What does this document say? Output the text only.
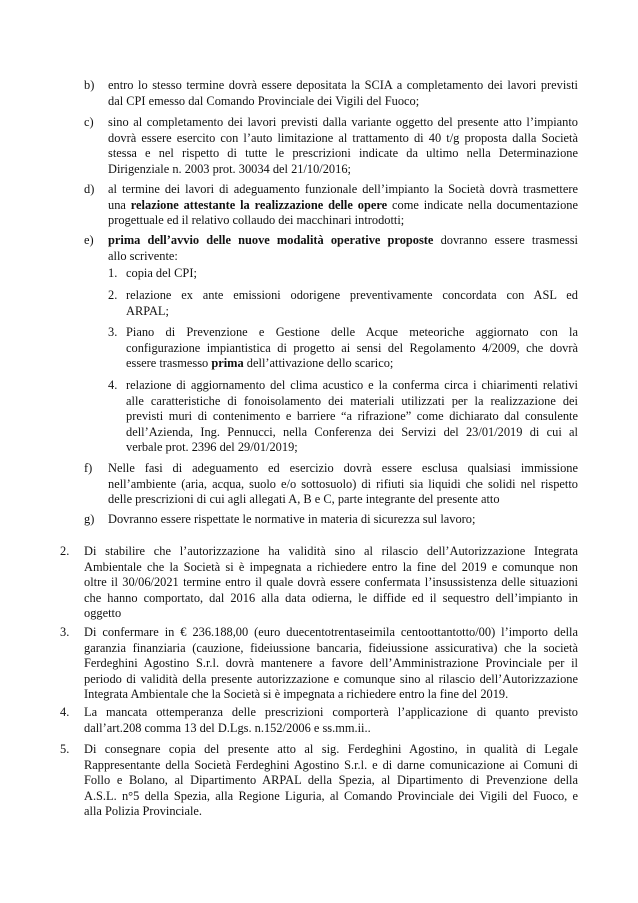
b) entro lo stesso termine dovrà essere depositata la SCIA a completamento dei lavori previsti
dal CPI emesso dal Comando Provinciale dei Vigili del Fuoco;
c) sino al completamento dei lavori previsti dalla variante oggetto del presente atto l’impianto
dovrà essere esercito con l’auto limitazione al trattamento di 40 t/g proposta dalla Società
stessa e nel rispetto di tutte le prescrizioni indicate da ultimo nella Determinazione
Dirigenziale n. 2003 prot. 30034 del 21/10/2016;
d) al termine dei lavori di adeguamento funzionale dell’impianto la Società dovrà trasmettere
una relazione attestante la realizzazione delle opere come indicate nella documentazione
progettuale ed il relativo collaudo dei macchinari introdotti;
e) prima dell’avvio delle nuove modalità operative proposte dovranno essere trasmessi
allo scrivente:
1. copia del CPI;
2. relazione ex ante emissioni odorigene preventivamente concordata con ASL ed
ARPAL;
3. Piano di Prevenzione e Gestione delle Acque meteoriche aggiornato con la
configurazione impiantistica di progetto ai sensi del Regolamento 4/2009, che dovrà
essere trasmesso prima dell’attivazione dello scarico;
4. relazione di aggiornamento del clima acustico e la conferma circa i chiarimenti relativi
alle caratteristiche di fonoisolamento dei materiali utilizzati per la realizzazione dei
previsti muri di contenimento e barriere “a rifrazione” come dichiarato dal consulente
dell’Azienda, Ing. Pennucci, nella Conferenza dei Servizi del 23/01/2019 di cui al
verbale prot. 2396 del 29/01/2019;
f) Nelle fasi di adeguamento ed esercizio dovrà essere esclusa qualsiasi immissione
nell’ambiente (aria, acqua, suolo e/o sottosuolo) di rifiuti sia liquidi che solidi nel rispetto
delle prescrizioni di cui agli allegati A, B e C, parte integrante del presente atto
g) Dovranno essere rispettate le normative in materia di sicurezza sul lavoro;
2. Di stabilire che l’autorizzazione ha validità sino al rilascio dell’Autorizzazione Integrata
Ambientale che la Società si è impegnata a richiedere entro la fine del 2019 e comunque non
oltre il 30/06/2021 termine entro il quale dovrà essere confermata l’insussistenza delle situazioni
che hanno comportato, dal 2016 alla data odierna, le diffide ed il sequestro dell’impianto in
oggetto
3. Di confermare in € 236.188,00 (euro duecentotrentaseimila centoottantotto/00) l’importo della
garanzia finanziaria (cauzione, fideiussione bancaria, fideiussione assicurativa) che la società
Ferdeghini Agostino S.r.l. dovrà mantenere a favore dell’Amministrazione Provinciale per il
periodo di validità della presente autorizzazione e comunque sino al rilascio dell’Autorizzazione
Integrata Ambientale che la Società si è impegnata a richiedere entro la fine del 2019.
4. La mancata ottemperanza delle prescrizioni comporterà l’applicazione di quanto previsto
dall’art.208 comma 13 del D.Lgs. n.152/2006 e ss.mm.ii..
5. Di consegnare copia del presente atto al sig. Ferdeghini Agostino, in qualità di Legale
Rappresentante della Società Ferdeghini Agostino S.r.l. e di darne comunicazione ai Comuni di
Follo e Bolano, al Dipartimento ARPAL della Spezia, al Dipartimento di Prevenzione della
A.S.L. n°5 della Spezia, alla Regione Liguria, al Comando Provinciale dei Vigili del Fuoco, e
alla Polizia Provinciale.
